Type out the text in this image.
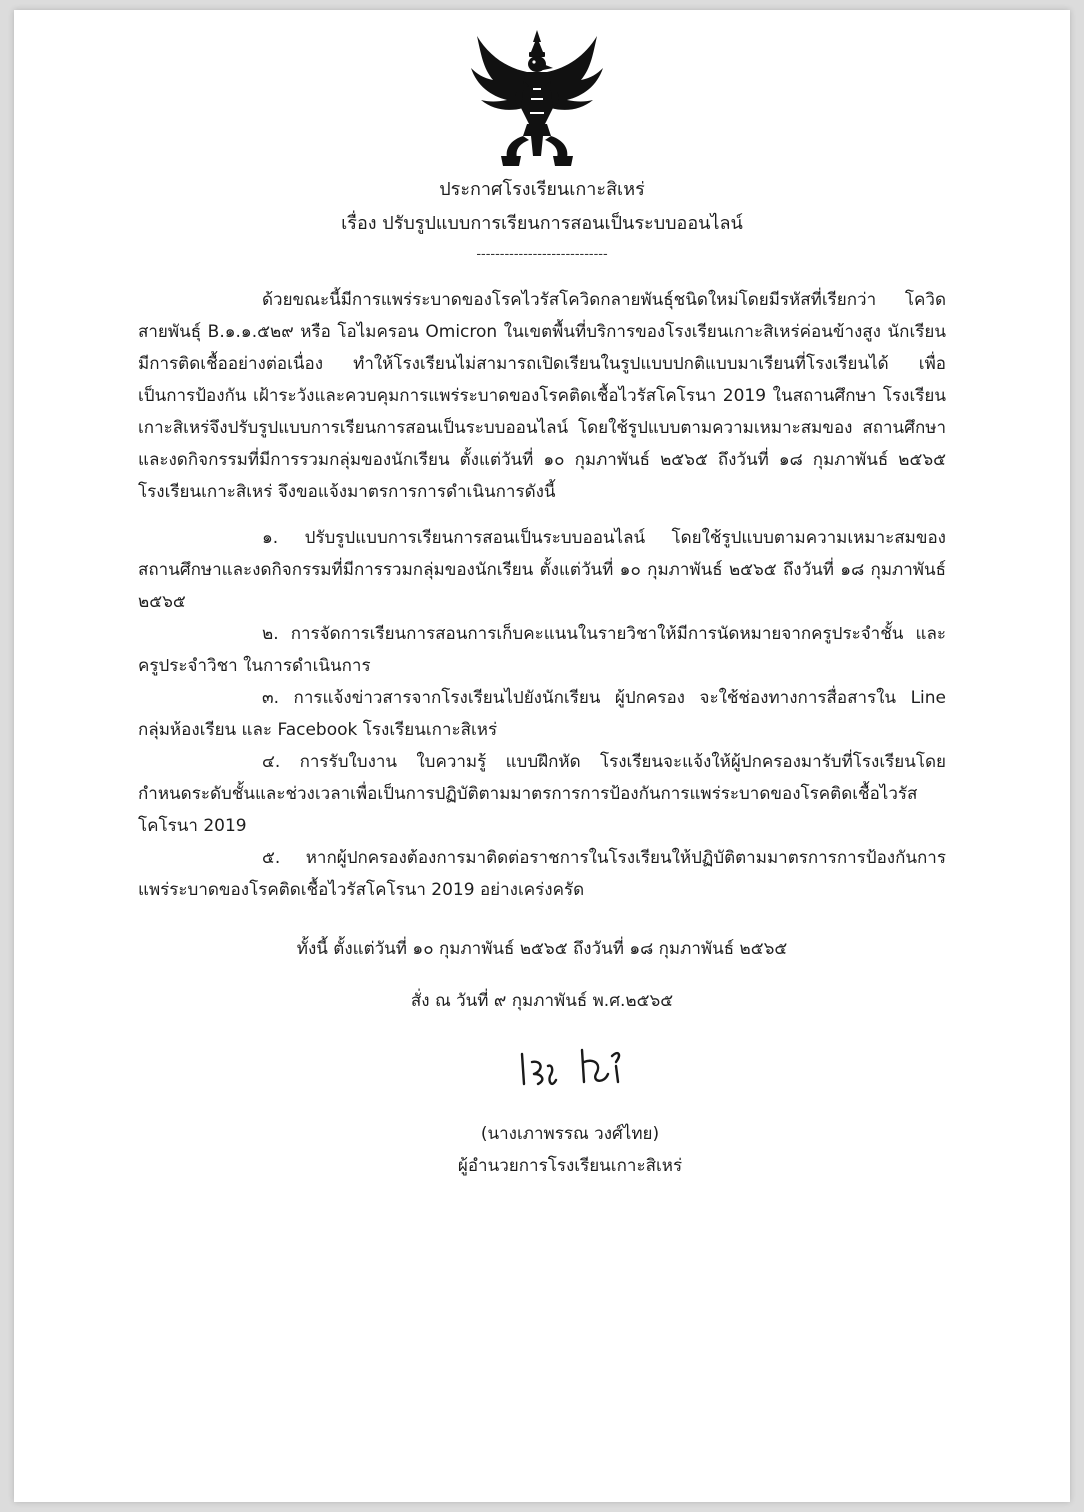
ประกาศโรงเรียนเกาะสิเหร่
เรื่อง ปรับรูปแบบการเรียนการสอนเป็นระบบออนไลน์
----------------------------

ด้วยขณะนี้มีการแพร่ระบาดของโรคไวรัสโควิดกลายพันธุ์ชนิดใหม่โดยมีรหัสที่เรียกว่า โควิด สายพันธุ์ B.๑.๑.๕๒๙ หรือ โอไมครอน Omicron ในเขตพื้นที่บริการของโรงเรียนเกาะสิเหร่ค่อนข้างสูง นักเรียนมีการติดเชื้ออย่างต่อเนื่อง ทำให้โรงเรียนไม่สามารถเปิดเรียนในรูปแบบปกติแบบมาเรียนที่โรงเรียนได้ เพื่อเป็นการป้องกัน เฝ้าระวังและควบคุมการแพร่ระบาดของโรคติดเชื้อไวรัสโคโรนา 2019 ในสถานศึกษา โรงเรียนเกาะสิเหร่จึงปรับรูปแบบการเรียนการสอนเป็นระบบออนไลน์ โดยใช้รูปแบบตามความเหมาะสมของ สถานศึกษาและงดกิจกรรมที่มีการรวมกลุ่มของนักเรียน ตั้งแต่วันที่ ๑๐ กุมภาพันธ์ ๒๕๖๕ ถึงวันที่ ๑๘ กุมภาพันธ์ ๒๕๖๕ โรงเรียนเกาะสิเหร่ จึงขอแจ้งมาตรการการดำเนินการดังนี้

๑. ปรับรูปแบบการเรียนการสอนเป็นระบบออนไลน์ โดยใช้รูปแบบตามความเหมาะสมของ สถานศึกษาและงดกิจกรรมที่มีการรวมกลุ่มของนักเรียน ตั้งแต่วันที่ ๑๐ กุมภาพันธ์ ๒๕๖๕ ถึงวันที่ ๑๘ กุมภาพันธ์ ๒๕๖๕

๒. การจัดการเรียนการสอนการเก็บคะแนนในรายวิชาให้มีการนัดหมายจากครูประจำชั้น และครูประจำวิชา ในการดำเนินการ

๓. การแจ้งข่าวสารจากโรงเรียนไปยังนักเรียน ผู้ปกครอง จะใช้ช่องทางการสื่อสารใน Line กลุ่มห้องเรียน และ Facebook โรงเรียนเกาะสิเหร่

๔. การรับใบงาน ใบความรู้ แบบฝึกหัด โรงเรียนจะแจ้งให้ผู้ปกครองมารับที่โรงเรียนโดย กำหนดระดับชั้นและช่วงเวลาเพื่อเป็นการปฏิบัติตามมาตรการการป้องกันการแพร่ระบาดของโรคติดเชื้อไวรัส โคโรนา 2019

๕. หากผู้ปกครองต้องการมาติดต่อราชการในโรงเรียนให้ปฏิบัติตามมาตรการการป้องกันการ แพร่ระบาดของโรคติดเชื้อไวรัสโคโรนา 2019 อย่างเคร่งครัด

ทั้งนี้ ตั้งแต่วันที่ ๑๐ กุมภาพันธ์ ๒๕๖๕ ถึงวันที่ ๑๘ กุมภาพันธ์ ๒๕๖๕
สั่ง ณ วันที่ ๙ กุมภาพันธ์ พ.ศ.๒๕๖๕
(นางเภาพรรณ วงศ์ไทย)
ผู้อำนวยการโรงเรียนเกาะสิเหร่
